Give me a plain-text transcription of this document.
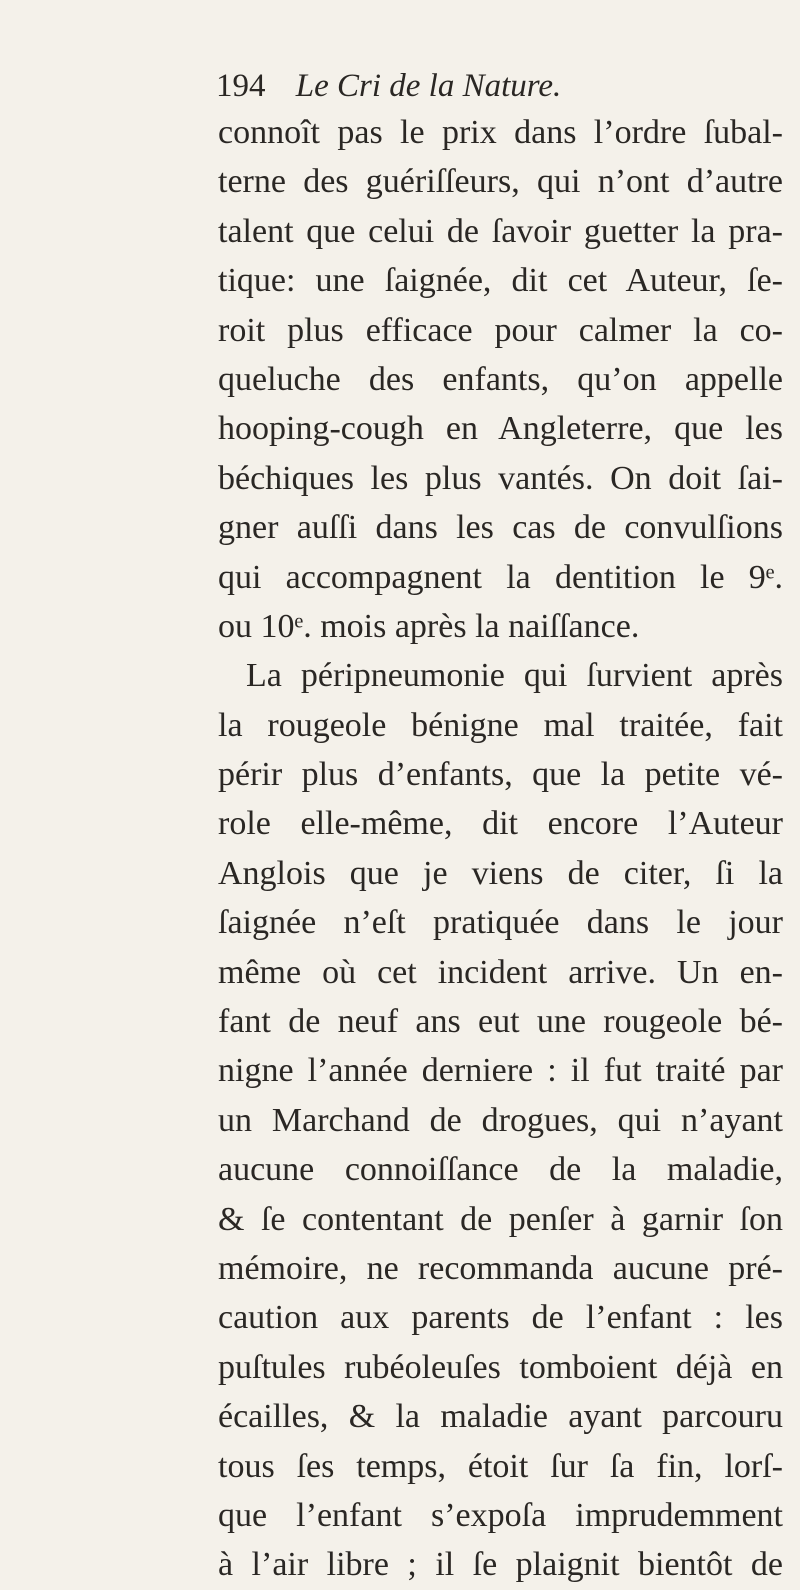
194 Le Cri de la Nature.
connoît pas le prix dans l’ordre ſubal-
terne des guériſſeurs, qui n’ont d’autre
talent que celui de ſavoir guetter la pra-
tique: une ſaignée, dit cet Auteur, ſe-
roit plus efficace pour calmer la co-
queluche des enfants, qu’on appelle
hooping-cough en Angleterre, que les
béchiques les plus vantés. On doit ſai-
gner auſſi dans les cas de convulſions
qui accompagnent la dentition le 9ᵉ.
ou 10ᵉ. mois après la naiſſance.
La péripneumonie qui ſurvient après
la rougeole bénigne mal traitée, fait
périr plus d’enfants, que la petite vé-
role elle-même, dit encore l’Auteur
Anglois que je viens de citer, ſi la
ſaignée n’eſt pratiquée dans le jour
même où cet incident arrive. Un en-
fant de neuf ans eut une rougeole bé-
nigne l’année derniere : il fut traité par
un Marchand de drogues, qui n’ayant
aucune connoiſſance de la maladie,
& ſe contentant de penſer à garnir ſon
mémoire, ne recommanda aucune pré-
caution aux parents de l’enfant : les
puſtules rubéoleuſes tomboient déjà en
écailles, & la maladie ayant parcouru
tous ſes temps, étoit ſur ſa fin, lorſ-
que l’enfant s’expoſa imprudemment
à l’air libre ; il ſe plaignit bientôt de
